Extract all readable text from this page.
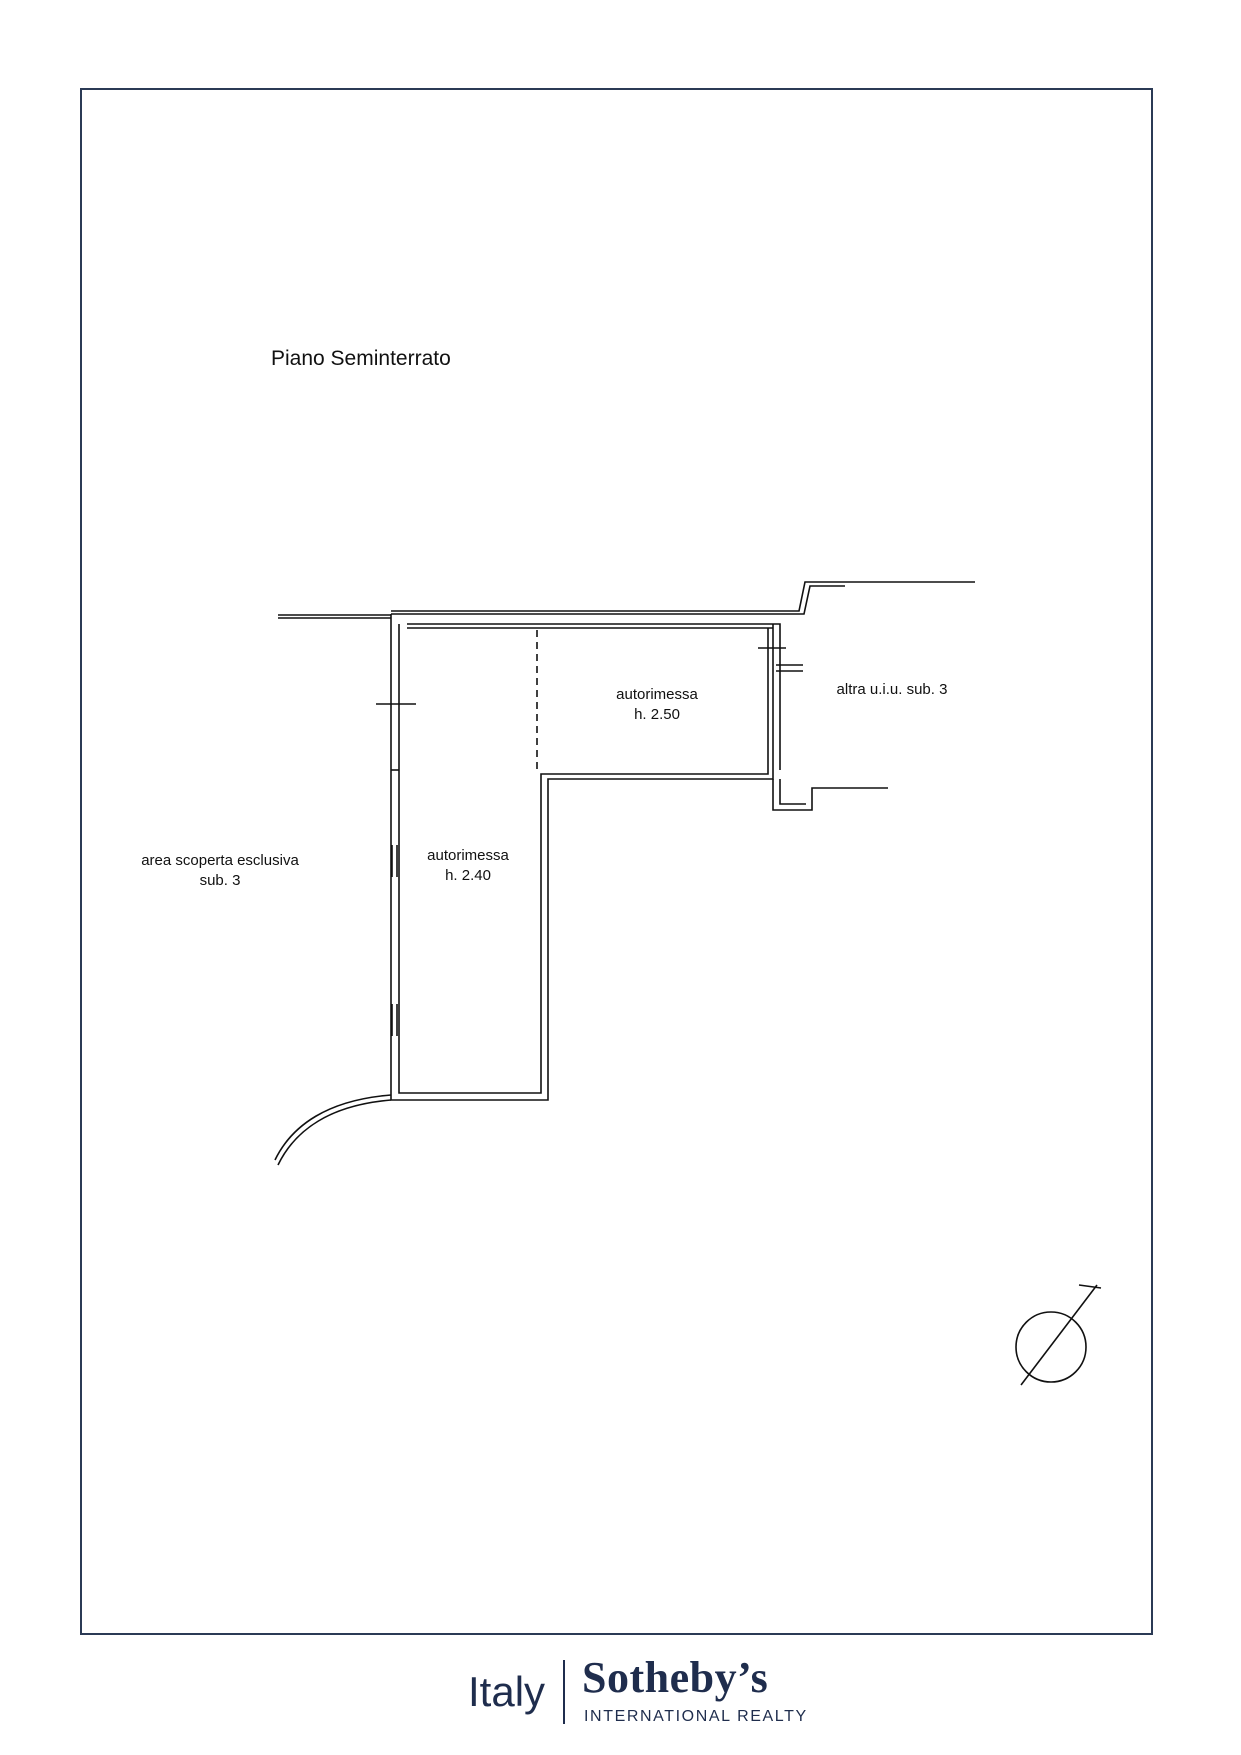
Piano Seminterrato
autorimessa
h. 2.50
autorimessa
h. 2.40
altra u.i.u. sub. 3
area scoperta esclusiva
sub. 3
Italy Sotheby’s
INTERNATIONAL REALTY
